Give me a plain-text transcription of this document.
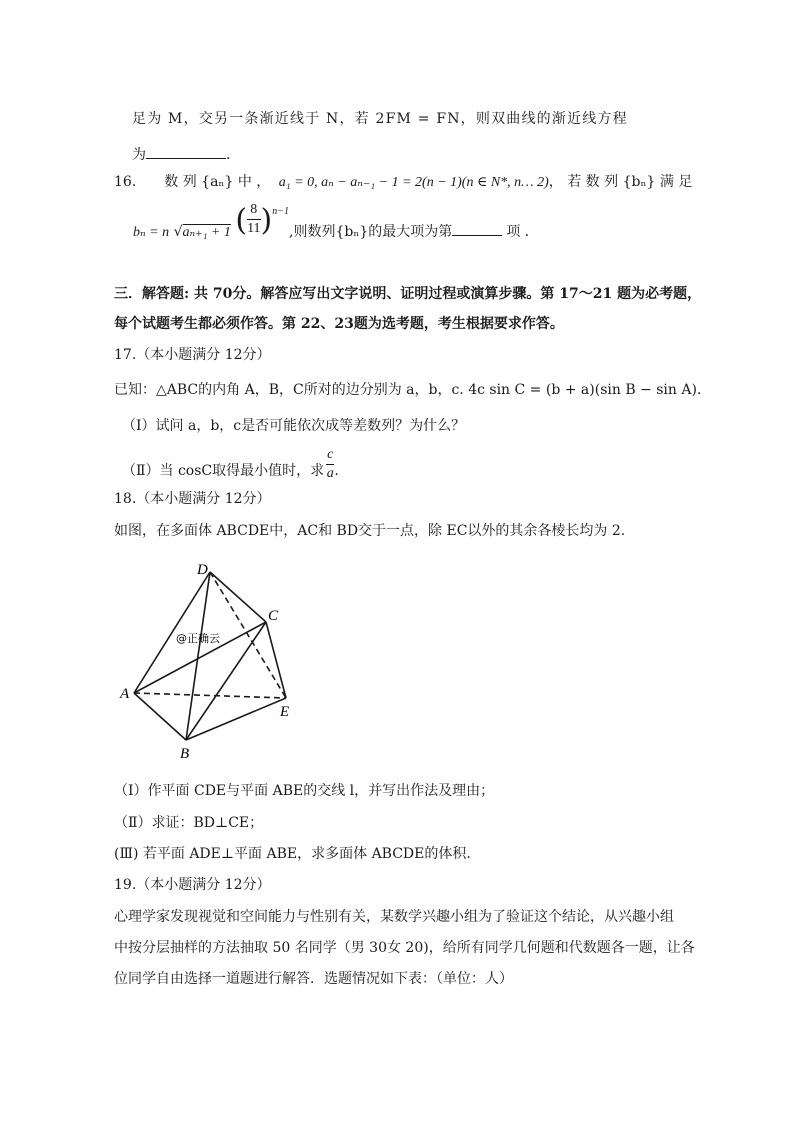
足为 M，交另一条渐近线于 N，若 2FM = FN，则双曲线的渐近线方程
为	．
16． 数 列 {aₙ} 中 ， a₁ = 0, aₙ − aₙ₋₁ − 1 = 2(n − 1)(n ∈ N*, n… 2)， 若 数 列 {bₙ} 满 足
bₙ = n √aₙ₊₁ + 1 ( $\frac{8}{11} )^{n-1}$,则数列{bₙ}的最大项为第	项 ．
三．解答题: 共 70分。解答应写出文字说明、证明过程或演算步骤。第 17～21 题为必考题，
每个试题考生都必须作答。第 22、23题为选考题，考生根据要求作答。
17.（本小题满分 12分）
已知：△ABC的内角 A，B，C所对的边分别为 a，b，c. 4c sin C = (b + a)(sin B − sin A)．
（Ⅰ）试问 a，b，c是否可能依次成等差数列？为什么？
（Ⅱ）当 cosC取得最小值时，求 $\frac{c}{a}$ .
18.（本小题满分 12分）
如图，在多面体 ABCDE中，AC和 BD交于一点，除 EC以外的其余各棱长均为 2.
D
C
A
E
B
@正确云
（Ⅰ）作平面 CDE与平面 ABE的交线 l，并写出作法及理由；
（Ⅱ）求证：BD⊥CE；
(Ⅲ) 若平面 ADE⊥平面 ABE，求多面体 ABCDE的体积.
19.（本小题满分 12分）
心理学家发现视觉和空间能力与性别有关，某数学兴趣小组为了验证这个结论，从兴趣小组
中按分层抽样的方法抽取 50 名同学（男 30女 20)，给所有同学几何题和代数题各一题，让各
位同学自由选择一道题进行解答．选题情况如下表：（单位：人）
